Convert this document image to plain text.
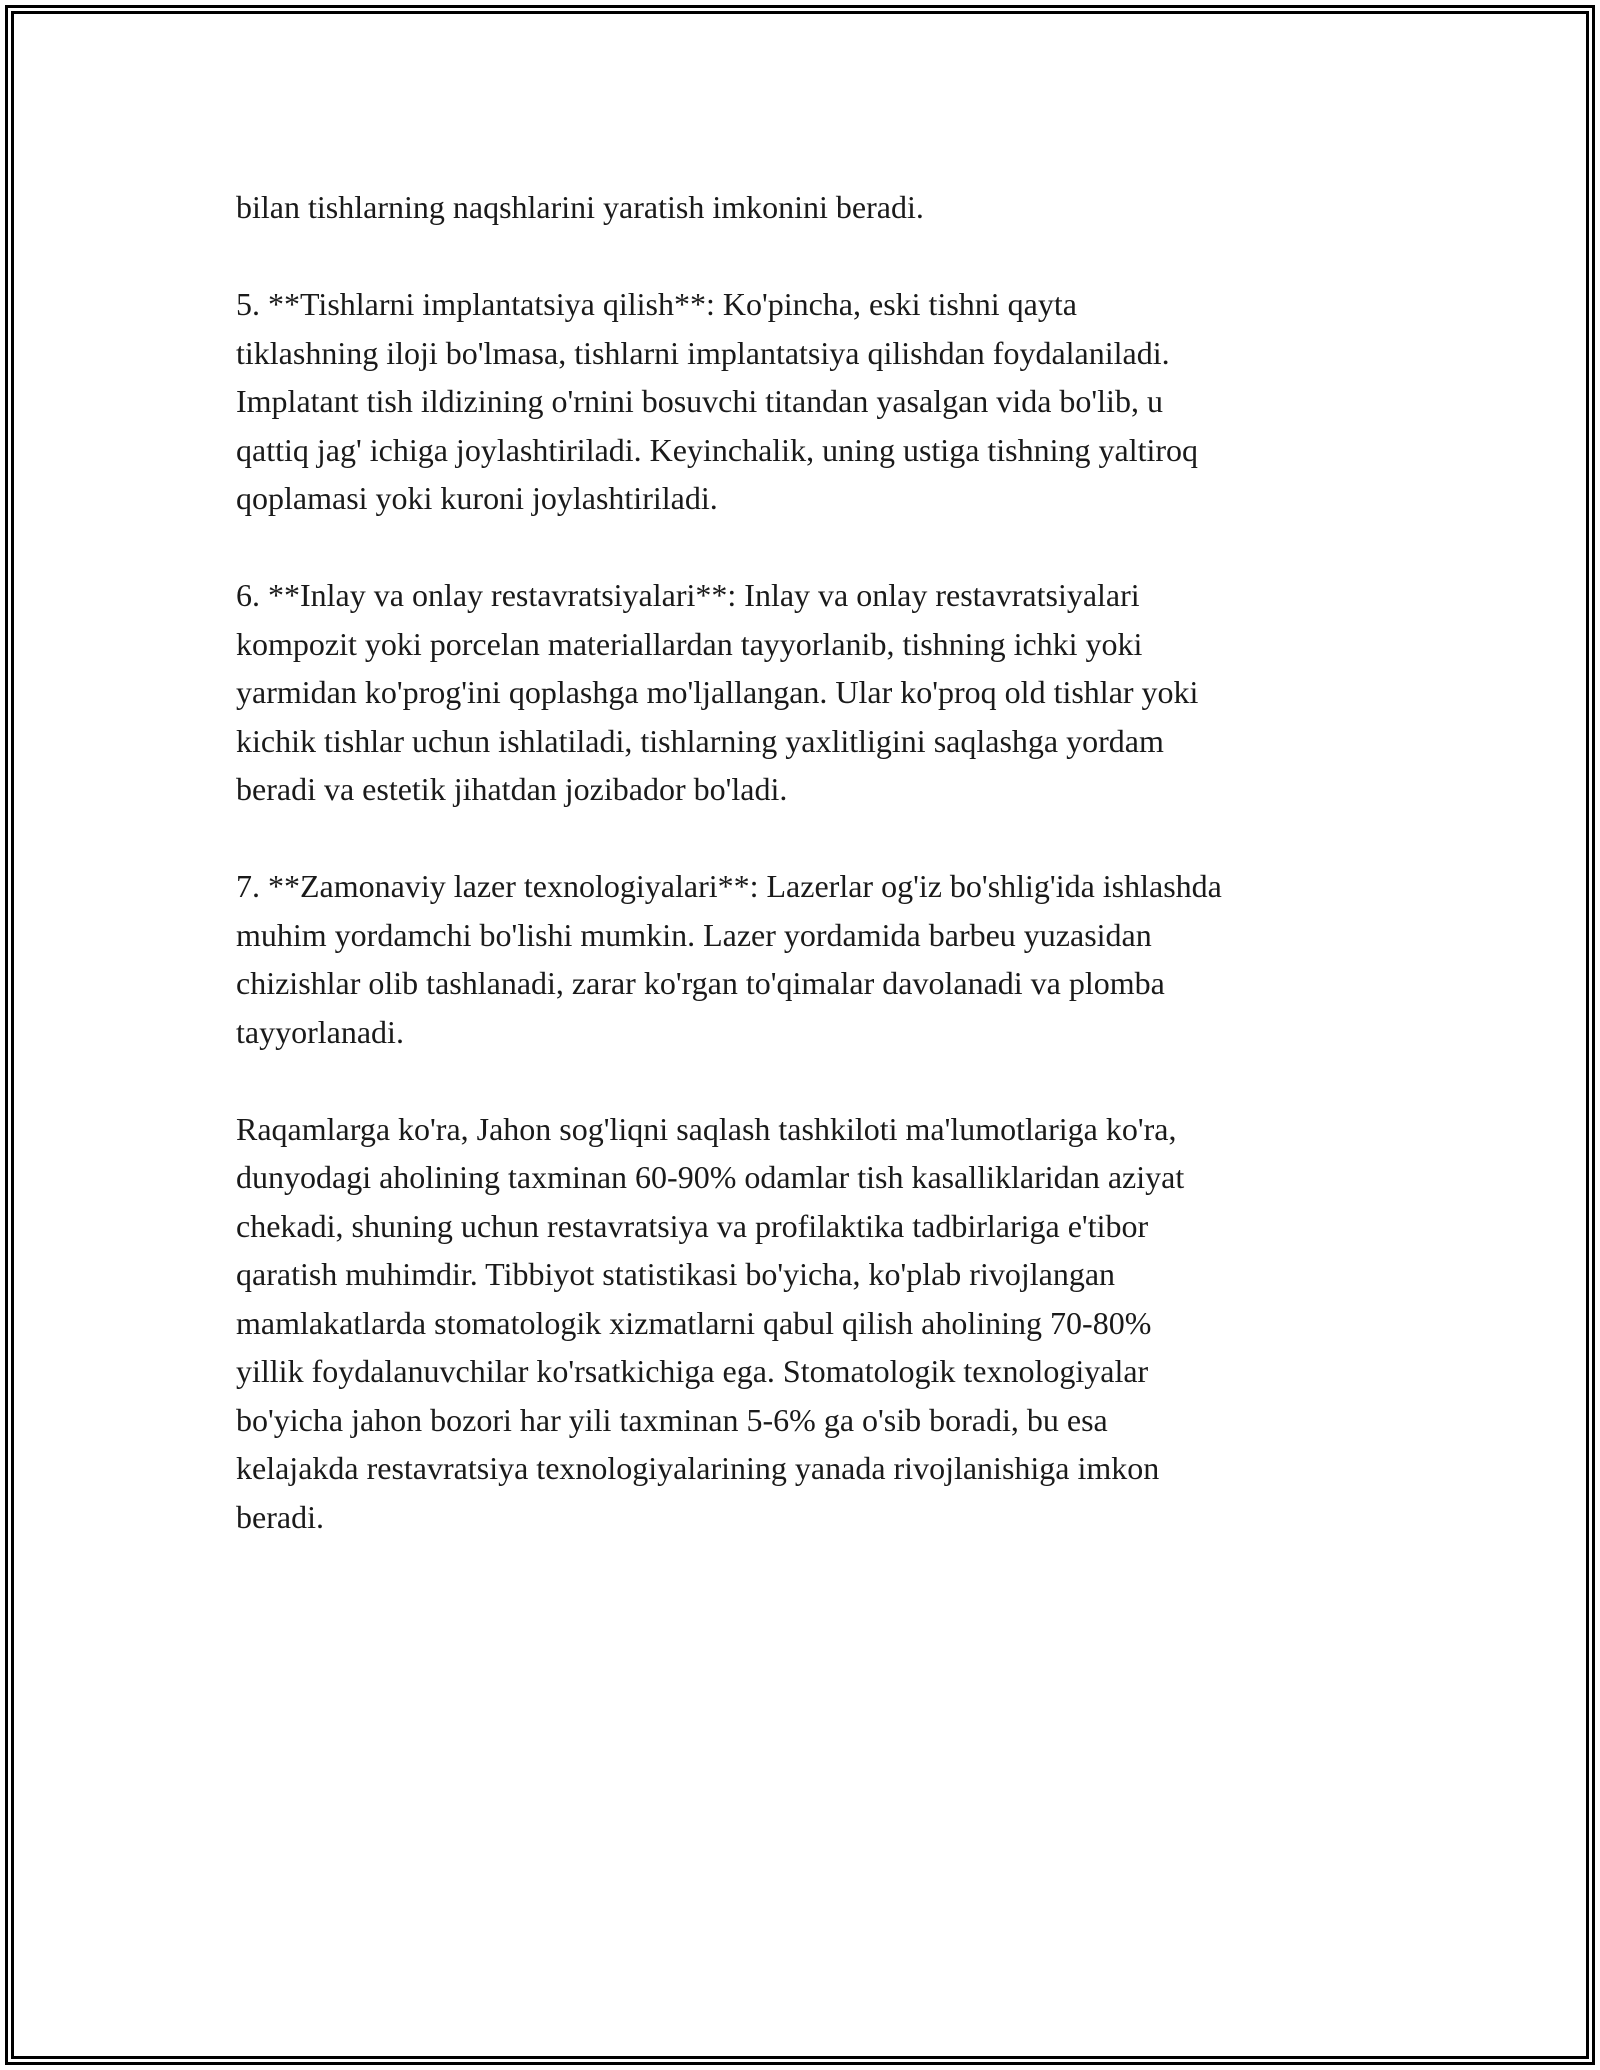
bilan tishlarning naqshlarini yaratish imkonini beradi.
5. **Tishlarni implantatsiya qilish**: Ko'pincha, eski tishni qayta
tiklashning iloji bo'lmasa, tishlarni implantatsiya qilishdan foydalaniladi.
Implatant tish ildizining o'rnini bosuvchi titandan yasalgan vida bo'lib, u
qattiq jag' ichiga joylashtiriladi. Keyinchalik, uning ustiga tishning yaltiroq
qoplamasi yoki kuroni joylashtiriladi.
6. **Inlay va onlay restavratsiyalari**: Inlay va onlay restavratsiyalari
kompozit yoki porcelan materiallardan tayyorlanib, tishning ichki yoki
yarmidan ko'prog'ini qoplashga mo'ljallangan. Ular ko'proq old tishlar yoki
kichik tishlar uchun ishlatiladi, tishlarning yaxlitligini saqlashga yordam
beradi va estetik jihatdan jozibador bo'ladi.
7. **Zamonaviy lazer texnologiyalari**: Lazerlar og'iz bo'shlig'ida ishlashda
muhim yordamchi bo'lishi mumkin. Lazer yordamida barbeu yuzasidan
chizishlar olib tashlanadi, zarar ko'rgan to'qimalar davolanadi va plomba
tayyorlanadi.
Raqamlarga ko'ra, Jahon sog'liqni saqlash tashkiloti ma'lumotlariga ko'ra,
dunyodagi aholining taxminan 60-90% odamlar tish kasalliklaridan aziyat
chekadi, shuning uchun restavratsiya va profilaktika tadbirlariga e'tibor
qaratish muhimdir. Tibbiyot statistikasi bo'yicha, ko'plab rivojlangan
mamlakatlarda stomatologik xizmatlarni qabul qilish aholining 70-80%
yillik foydalanuvchilar ko'rsatkichiga ega. Stomatologik texnologiyalar
bo'yicha jahon bozori har yili taxminan 5-6% ga o'sib boradi, bu esa
kelajakda restavratsiya texnologiyalarining yanada rivojlanishiga imkon
beradi.
